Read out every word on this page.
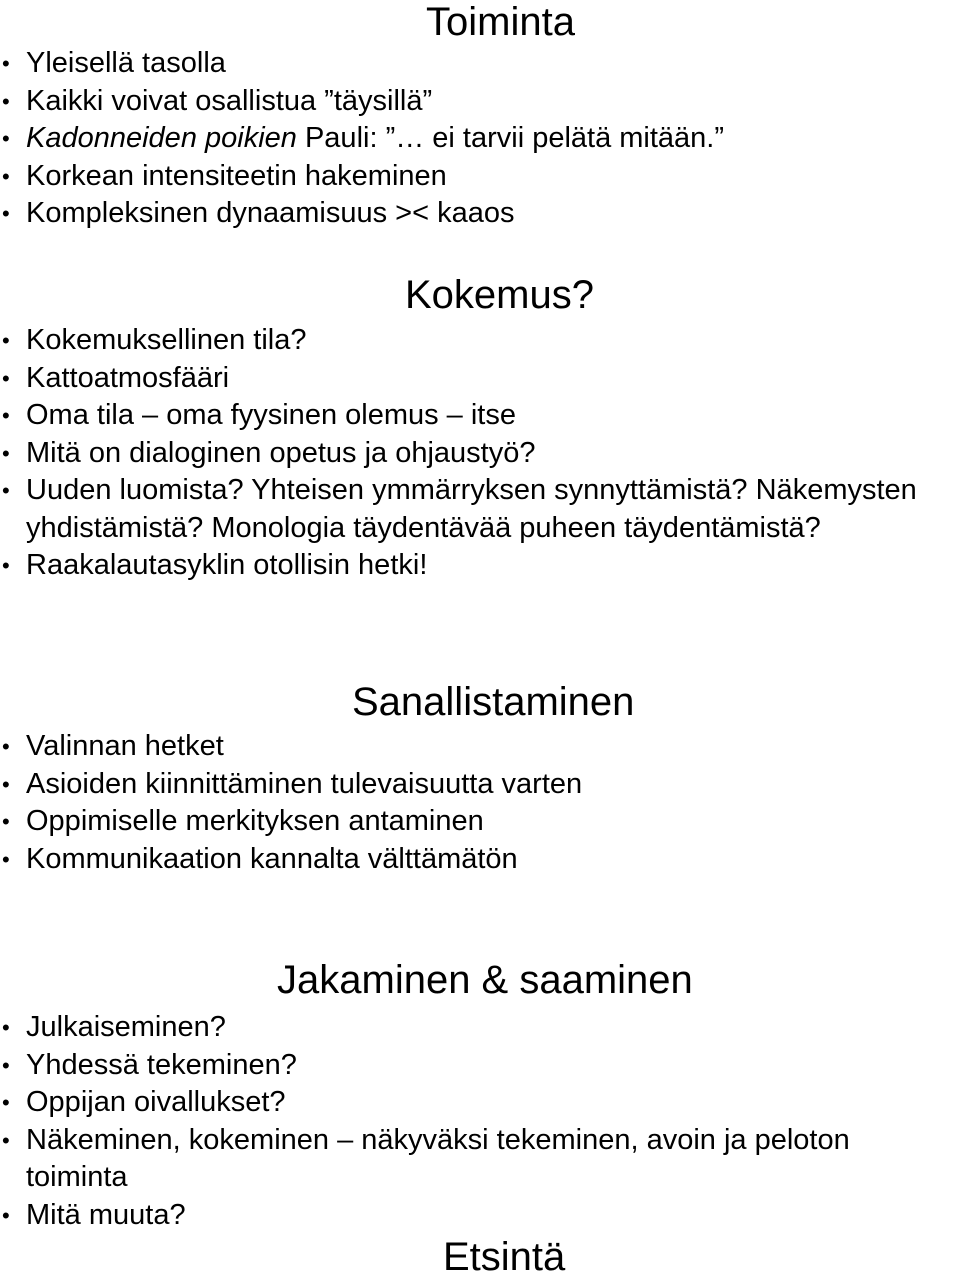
Toiminta
• Yleisellä tasolla
• Kaikki voivat osallistua ”täysillä”
• Kadonneiden poikien Pauli: ”… ei tarvii pelätä mitään.”
• Korkean intensiteetin hakeminen
• Kompleksinen dynaamisuus >< kaaos
Kokemus?
• Kokemuksellinen tila?
• Kattoatmosfääri
• Oma tila – oma fyysinen olemus – itse
• Mitä on dialoginen opetus ja ohjaustyö?
• Uuden luomista? Yhteisen ymmärryksen synnyttämistä? Näkemysten yhdistämistä? Monologia täydentävää puheen täydentämistä?
• Raakalautasyklin otollisin hetki!
Sanallistaminen
• Valinnan hetket
• Asioiden kiinnittäminen tulevaisuutta varten
• Oppimiselle merkityksen antaminen
• Kommunikaation kannalta välttämätön
Jakaminen & saaminen
• Julkaiseminen?
• Yhdessä tekeminen?
• Oppijan oivallukset?
• Näkeminen, kokeminen – näkyväksi tekeminen, avoin ja peloton toiminta
• Mitä muuta?
Etsintä
